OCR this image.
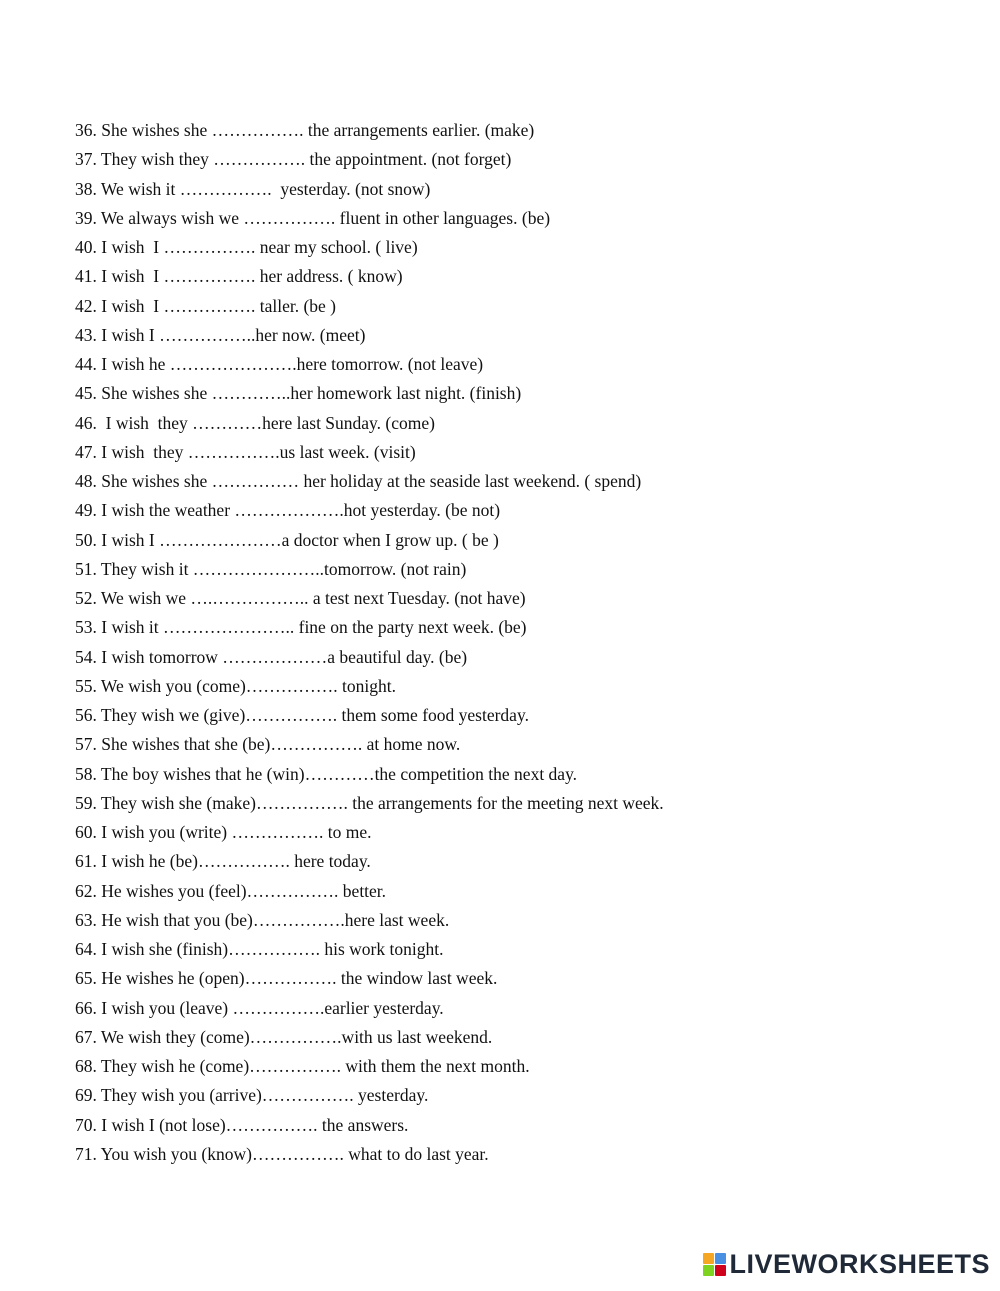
36. She wishes she ……………. the arrangements earlier. (make)
37. They wish they ……………. the appointment. (not forget)
38. We wish it …………….  yesterday. (not snow)
39. We always wish we ……………. fluent in other languages. (be)
40. I wish  I ……………. near my school. ( live)
41. I wish  I ……………. her address. ( know)
42. I wish  I ……………. taller. (be )
43. I wish I ……………..her now. (meet)
44. I wish he ………………….here tomorrow. (not leave)
45. She wishes she …………..her homework last night. (finish)
46.  I wish  they …………here last Sunday. (come)
47. I wish  they …………….us last week. (visit)
48. She wishes she …………… her holiday at the seaside last weekend. ( spend)
49. I wish the weather ……………….hot yesterday. (be not)
50. I wish I …………………a doctor when I grow up. ( be )
51. They wish it …………………..tomorrow. (not rain)
52. We wish we ….…………….. a test next Tuesday. (not have)
53. I wish it ………………….. fine on the party next week. (be)
54. I wish tomorrow ………………a beautiful day. (be)
55. We wish you (come)……………. tonight.
56. They wish we (give)……………. them some food yesterday.
57. She wishes that she (be)……………. at home now.
58. The boy wishes that he (win)…………the competition the next day.
59. They wish she (make)……………. the arrangements for the meeting next week.
60. I wish you (write) ……………. to me.
61. I wish he (be)……………. here today.
62. He wishes you (feel)……………. better.
63. He wish that you (be)…………….here last week.
64. I wish she (finish)……………. his work tonight.
65. He wishes he (open)……………. the window last week.
66. I wish you (leave) …………….earlier yesterday.
67. We wish they (come)…………….with us last weekend.
68. They wish he (come)……………. with them the next month.
69. They wish you (arrive)……………. yesterday.
70. I wish I (not lose)……………. the answers.
71. You wish you (know)……………. what to do last year.
LIVEWORKSHEETS
